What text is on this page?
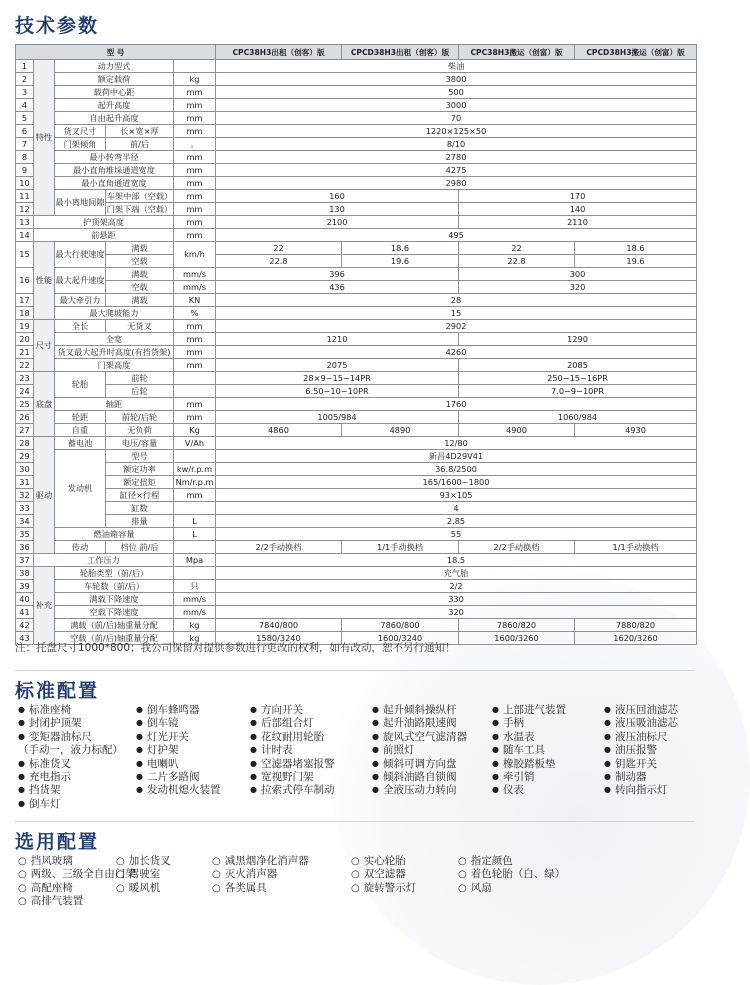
技术参数
型 号					CPC38H3出租（创客）版	CPCD38H3出租（创客）版	CPC38H3搬运（创富）版	CPCD38H3搬运（创富）版
1	特性	动力型式			柴油			
2		额定载荷		kg	3800			
3		载荷中心距		mm	500			
4		起升高度		mm	3000			
5		自由起升高度		mm	70			
6		货叉尺寸	长×宽×厚	mm	1220×125×50			
7		门架倾角	前/后	。	8/10			
8		最小转弯半径		mm	2780			
9		最小直角堆垛通道宽度		mm	4275			
10		最小直角通道宽度		mm	2980			
11		最小离地间隙	车架中部（空载）	mm	160		170	
12			门架下端（空载）	mm	130		140	
13	护顶架高度			mm	2100		2110	
14	前悬距			mm	495			
15	性能	最大行驶速度	满载	km/h	22	18.6	22	18.6
			空载		22.8	19.6	22.8	19.6
16		最大起升速度	满载	mm/s	396		300	
			空载	mm/s	436		320	
17		最大牵引力	满载	KN	28			
18		最大爬坡能力		%	15			
19	尺寸	全长	无货叉	mm	2902			
20		全宽		mm	1210		1290	
21		货叉最大起升时高度(有挡货架)		mm	4260			
22		门架高度		mm	2075		2085	
23	底盘	轮胎	前轮		28×9−15−14PR		250−15−16PR	
24			后轮		6.50−10−10PR		7.0−9−10PR	
25		轴距		mm	1760			
26		轮距	前轮/后轮	mm	1005/984		1060/984	
27		自重	无负荷	Kg	4860	4890	4900	4930
28	驱动	蓄电池	电压/容量	V/Ah	12/80			
29		发动机	型号		新昌4D29V41			
30			额定功率	kw/r.p.m	36.8/2500			
31			额定扭矩	Nm/r.p.m	165/1600~1800			
32			缸径×行程	mm	93×105			
33			缸数		4			
34			排量	L	2.85			
35		燃油箱容量		L	55			
36		传动	档位 前/后		2/2手动换档	1/1手动换档	2/2手动换档	1/1手动换档
37	工作压力			Mpa	18.5			
38	补充	轮胎类型（前/后）			充气胎			
39		车轮数（前/后）		只	2/2			
40		满载下降速度		mm/s	330			
41		空载下降速度		mm/s	320			
42		满载（前/后)轴重量分配		kg	7840/800	7860/800	7860/820	7880/820
43		空载（前/后)轴重量分配		kg	1580/3240	1600/3240	1600/3260	1620/3260
注：托盘尺寸1000*800；我公司保留对提供参数进行更改的权利，如有改动，恕不另行通知！
标准配置
● 标准座椅	● 倒车蜂鸣器	● 方向开关	● 起升倾斜操纵杆	● 上部进气装置	● 液压回油滤芯
● 封闭护顶架	● 倒车镜	● 后部组合灯	● 起升油路限速阀	● 手柄	● 液压吸油滤芯
● 变矩器油标尺	● 灯光开关	● 花纹耐用轮胎	● 旋风式空气滤清器	● 水温表	● 液压油标尺
（手动一，液力标配）	● 灯护架	● 计时表	● 前照灯	● 随车工具	● 油压报警
● 标准货叉	● 电喇叭	● 空滤器堵塞报警	● 倾斜可调方向盘	● 橡胶踏板垫	● 钥匙开关
● 充电指示	● 二片多路阀	● 宽视野门架	● 倾斜油路自锁阀	● 牵引销	● 制动器
● 挡货架	● 发动机熄火装置	● 拉索式停车制动	● 全液压动力转向	● 仪表	● 转向指示灯
● 倒车灯
选用配置
○ 挡风玻璃	○ 加长货叉	○ 减黑烟净化消声器	○ 实心轮胎	○ 指定颜色
○ 两级、三级全自由门架
○ 驾驶室	○ 灭火消声器	○ 双空滤器	○ 着色轮胎（白、绿）
○ 高配座椅	○ 暖风机	○ 各类属具	○ 旋转警示灯	○ 风扇
○ 高排气装置
